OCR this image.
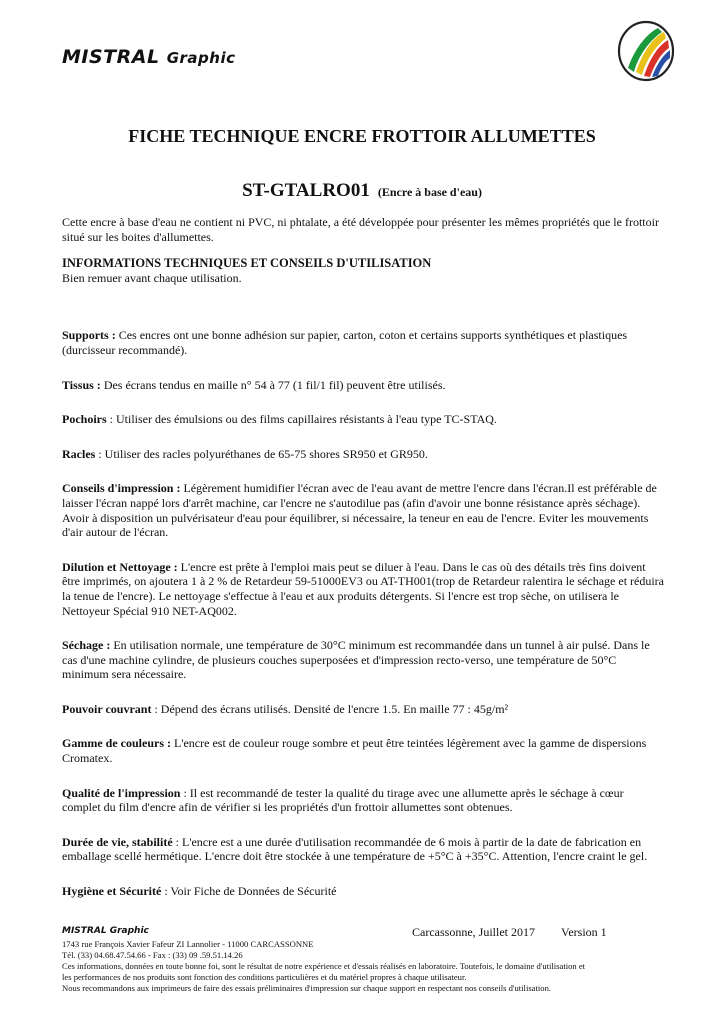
MISTRAL Graphic
FICHE TECHNIQUE ENCRE FROTTOIR ALLUMETTES
ST-GTALRO01 (Encre à base d'eau)

Cette encre à base d'eau ne contient ni PVC, ni phtalate, a été développée pour présenter les mêmes propriétés que le frottoir situé sur les boites d'allumettes.

INFORMATIONS TECHNIQUES ET CONSEILS D'UTILISATION

Bien remuer avant chaque utilisation.

Supports : Ces encres ont une bonne adhésion sur papier, carton, coton et certains supports synthétiques et plastiques (durcisseur recommandé).

Tissus : Des écrans tendus en maille n° 54 à 77 (1 fil/1 fil) peuvent être utilisés.

Pochoirs : Utiliser des émulsions ou des films capillaires résistants à l'eau type TC-STAQ.

Racles : Utiliser des racles polyuréthanes de 65-75 shores SR950 et GR950.

Conseils d'impression : Légèrement humidifier l'écran avec de l'eau avant de mettre l'encre dans l'écran.Il est préférable de laisser l'écran nappé lors d'arrêt machine, car l'encre ne s'autodilue pas (afin d'avoir une bonne résistance après séchage). Avoir à disposition un pulvérisateur d'eau pour équilibrer, si nécessaire, la teneur en eau de l'encre. Eviter les mouvements d'air autour de l'écran.

Dilution et Nettoyage : L'encre est prête à l'emploi mais peut se diluer à l'eau. Dans le cas où des détails très fins doivent être imprimés, on ajoutera 1 à 2 % de Retardeur 59-51000EV3 ou AT-TH001(trop de Retardeur ralentira le séchage et réduira la tenue de l'encre). Le nettoyage s'effectue à l'eau et aux produits détergents. Si l'encre est trop sèche, on utilisera le Nettoyeur Spécial 910 NET-AQ002.

Séchage : En utilisation normale, une température de 30°C minimum est recommandée dans un tunnel à air pulsé. Dans le cas d'une machine cylindre, de plusieurs couches superposées et d'impression recto-verso, une température de 50°C minimum sera nécessaire.

Pouvoir couvrant : Dépend des écrans utilisés. Densité de l'encre 1.5. En maille 77 : 45g/m²

Gamme de couleurs : L'encre est de couleur rouge sombre et peut être teintées légèrement avec la gamme de dispersions Cromatex.

Qualité de l'impression : Il est recommandé de tester la qualité du tirage avec une allumette après le séchage à cœur complet du film d'encre afin de vérifier si les propriétés d'un frottoir allumettes sont obtenues.

Durée de vie, stabilité : L'encre est a une durée d'utilisation recommandée de 6 mois à partir de la date de fabrication en emballage scellé hermétique. L'encre doit être stockée à une température de +5°C à +35°C. Attention, l'encre craint le gel.

Hygiène et Sécurité : Voir Fiche de Données de Sécurité

MISTRAL Graphic	Carcassonne, Juillet 2017 Version 1

1743 rue François Xavier Fafeur ZI Lannolier - 11000 CARCASSONNE

Tél. (33) 04.68.47.54.66 - Fax : (33) 09 .59.51.14.26

Ces informations, données en toute bonne foi, sont le résultat de notre expérience et d'essais réalisés en laboratoire. Toutefois, le domaine d'utilisation et

les performances de nos produits sont fonction des conditions particulières et du matériel propres à chaque utilisateur.

Nous recommandons aux imprimeurs de faire des essais préliminaires d'impression sur chaque support en respectant nos conseils d'utilisation.
